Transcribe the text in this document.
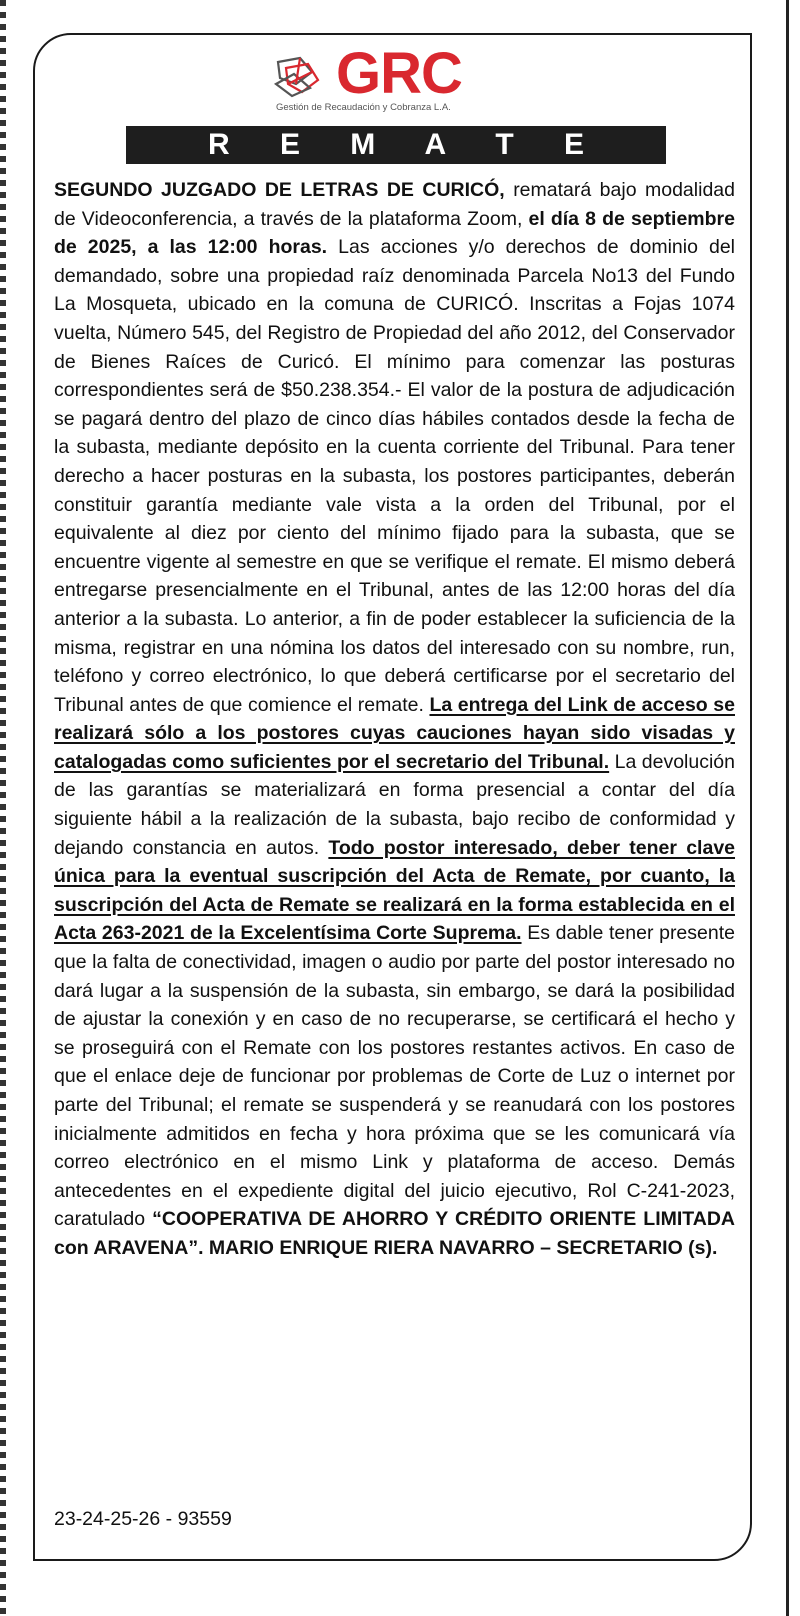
GRC
Gestión de Recaudación y Cobranza L.A.
R E M A T E

SEGUNDO JUZGADO DE LETRAS DE CURICÓ, rematará bajo modalidad de Videoconferencia, a través de la plataforma Zoom, el día 8 de septiembre de 2025, a las 12:00 horas. Las acciones y/o derechos de dominio del demandado, sobre una propiedad raíz denominada Parcela No13 del Fundo La Mosqueta, ubicado en la comuna de CURICÓ. Inscritas a Fojas 1074 vuelta, Número 545, del Registro de Propiedad del año 2012, del Conservador de Bienes Raíces de Curicó. El mínimo para comenzar las posturas correspondientes será de $50.238.354.- El valor de la postura de adjudicación se pagará dentro del plazo de cinco días hábiles contados desde la fecha de la subasta, mediante depósito en la cuenta corriente del Tribunal. Para tener derecho a hacer posturas en la subasta, los postores participantes, deberán constituir garantía mediante vale vista a la orden del Tribunal, por el equivalente al diez por ciento del mínimo fijado para la subasta, que se encuentre vigente al semestre en que se verifique el remate. El mismo deberá entregarse presencialmente en el Tribunal, antes de las 12:00 horas del día anterior a la subasta. Lo anterior, a fin de poder establecer la suficiencia de la misma, registrar en una nómina los datos del interesado con su nombre, run, teléfono y correo electrónico, lo que deberá certificarse por el secretario del Tribunal antes de que comience el remate. La entrega del Link de acceso se realizará sólo a los postores cuyas cauciones hayan sido visadas y catalogadas como suficientes por el secretario del Tribunal. La devolución de las garantías se materializará en forma presencial a contar del día siguiente hábil a la realización de la subasta, bajo recibo de conformidad y dejando constancia en autos. Todo postor interesado, deber tener clave única para la eventual suscripción del Acta de Remate, por cuanto, la suscripción del Acta de Remate se realizará en la forma establecida en el Acta 263-2021 de la Excelentísima Corte Suprema. Es dable tener presente que la falta de conectividad, imagen o audio por parte del postor interesado no dará lugar a la suspensión de la subasta, sin embargo, se dará la posibilidad de ajustar la conexión y en caso de no recuperarse, se certificará el hecho y se proseguirá con el Remate con los postores restantes activos. En caso de que el enlace deje de funcionar por problemas de Corte de Luz o internet por parte del Tribunal; el remate se suspenderá y se reanudará con los postores inicialmente admitidos en fecha y hora próxima que se les comunicará vía correo electrónico en el mismo Link y plataforma de acceso. Demás antecedentes en el expediente digital del juicio ejecutivo, Rol C-241-2023, caratulado “COOPERATIVA DE AHORRO Y CRÉDITO ORIENTE LIMITADA con ARAVENA”. MARIO ENRIQUE RIERA NAVARRO – SECRETARIO (s).

23-24-25-26 - 93559
